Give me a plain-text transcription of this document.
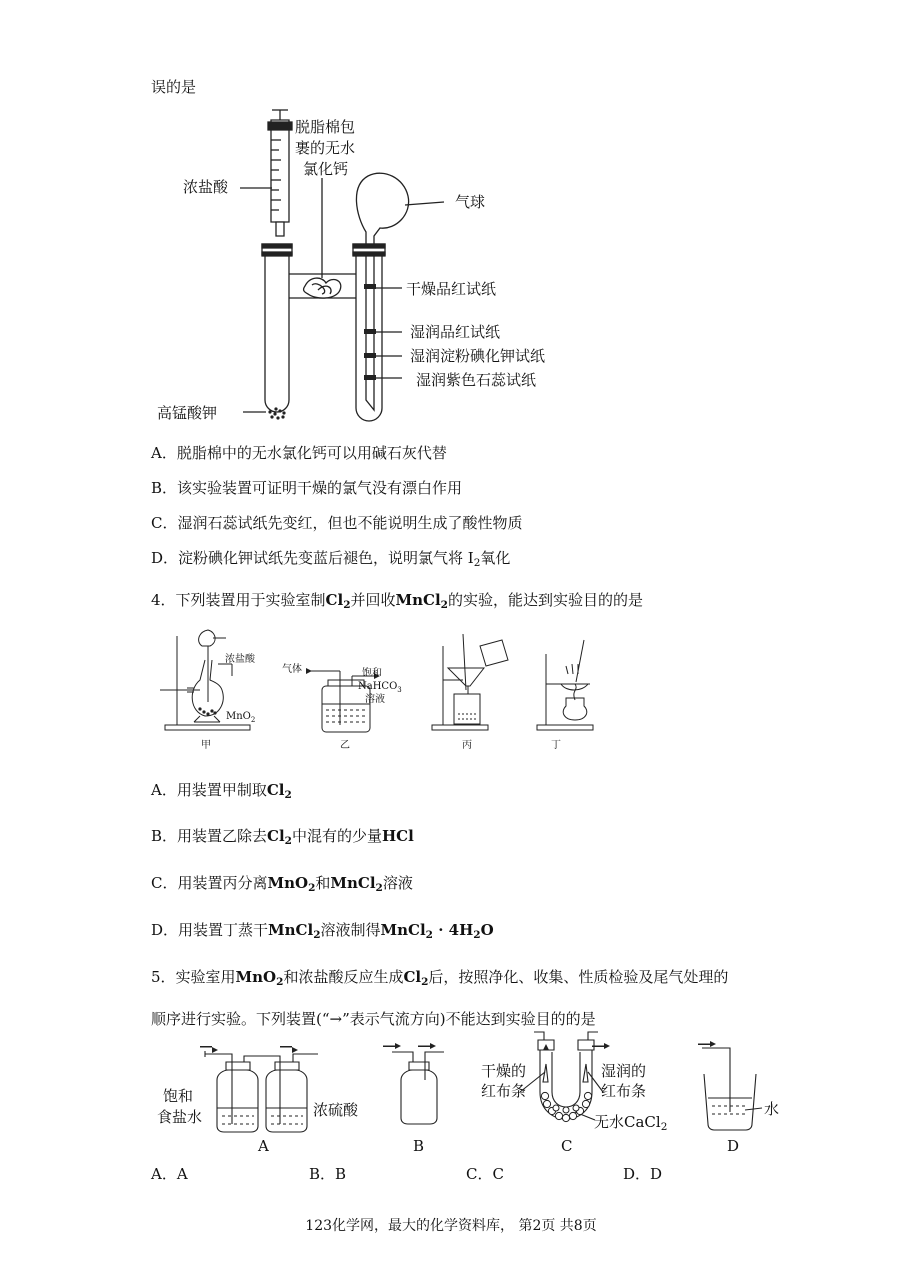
误的是
浓盐酸
脱脂棉包
裹的无水
氯化钙
气球
干燥品红试纸
湿润品红试纸
湿润淀粉碘化钾试纸
湿润紫色石蕊试纸
高锰酸钾
A．脱脂棉中的无水氯化钙可以用碱石灰代替
B．该实验装置可证明干燥的氯气没有漂白作用
C．湿润石蕊试纸先变红，但也不能说明生成了酸性物质
D．淀粉碘化钾试纸先变蓝后褪色，说明氯气将 $I_2$氧化
4．下列装置用于实验室制$Cl_2$并回收MnCl$_2$的实验，能达到实验目的的是
浓盐酸
MnO$_2$
气体	饱和
NaHCO$_3$
溶液
甲	乙	丙	丁
A．用装置甲制取$Cl_2$
B．用装置乙除去$Cl_2$中混有的少量HCl
C．用装置丙分离MnO$_2$和MnCl$_2$溶液
D．用装置丁蒸干MnCl$_2$溶液制得MnCl$_2$ · $4H_2O$
5．实验室用MnO$_2$和浓盐酸反应生成$Cl_2$后，按照净化、收集、性质检验及尾气处理的
顺序进行实验。下列装置(“→”表示气流方向)不能达到实验目的的是
饱和
食盐水	浓硫酸
干燥的
红布条
湿润的
红布条
无水CaCl$_2$
水
A	B	C	D
A．A	B．B	C．C	D．D
123化学网，最大的化学资料库， 第2页 共8页
